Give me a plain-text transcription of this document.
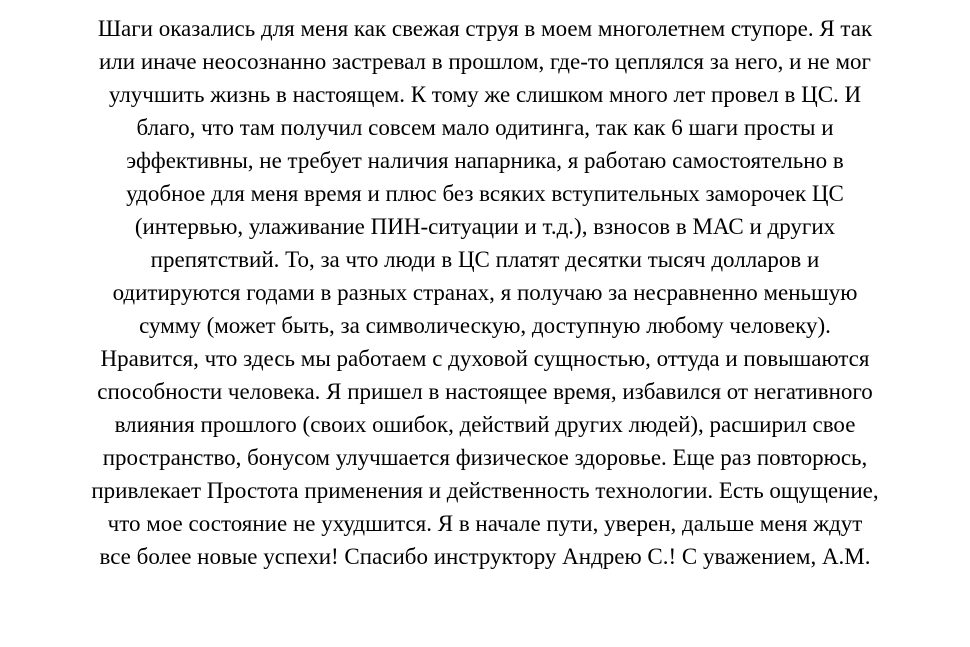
Шаги оказались для меня как свежая струя в моем многолетнем ступоре. Я так
или иначе неосознанно застревал в прошлом, где-то цеплялся за него, и не мог
улучшить жизнь в настоящем. К тому же слишком много лет провел в ЦС. И
благо, что там получил совсем мало одитинга, так как 6 шаги просты и
эффективны, не требует наличия напарника, я работаю самостоятельно в
удобное для меня время и плюс без всяких вступительных заморочек ЦС
(интервью, улаживание ПИН-ситуации и т.д.), взносов в МАС и других
препятствий. То, за что люди в ЦС платят десятки тысяч долларов и
одитируются годами в разных странах, я получаю за несравненно меньшую
сумму (может быть, за символическую, доступную любому человеку).
Нравится, что здесь мы работаем с духовой сущностью, оттуда и повышаются
способности человека. Я пришел в настоящее время, избавился от негативного
влияния прошлого (своих ошибок, действий других людей), расширил свое
пространство, бонусом улучшается физическое здоровье. Еще раз повторюсь,
привлекает Простота применения и действенность технологии. Есть ощущение,
что мое состояние не ухудшится. Я в начале пути, уверен, дальше меня ждут
все более новые успехи! Спасибо инструктору Андрею С.! С уважением, А.М.
